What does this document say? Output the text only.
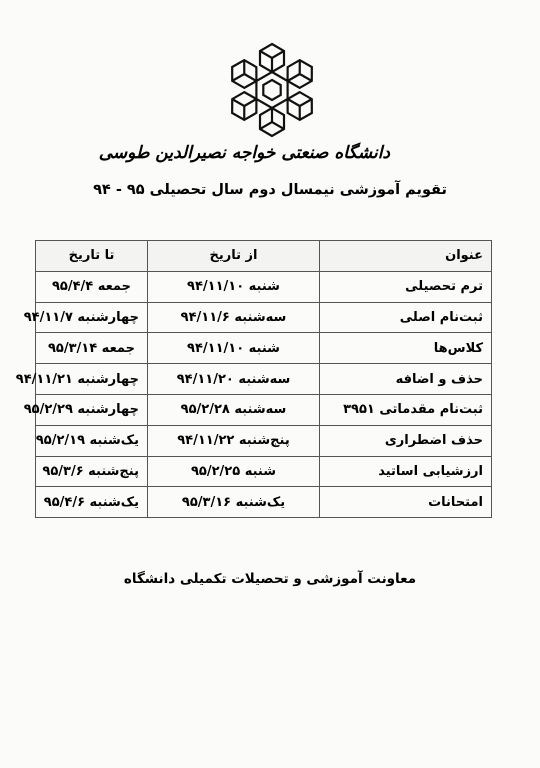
دانشگاه صنعتی خواجه نصیرالدین طوسی
تقویم آموزشی نیمسال دوم سال تحصیلی ۹۵ - ۹۴
عنوان	از تاریخ	تا تاریخ
ترم تحصیلی	شنبه ۹۴/۱۱/۱۰	جمعه ۹۵/۴/۴
ثبت‌نام اصلی	سه‌شنبه ۹۴/۱۱/۶	چهارشنبه ۹۴/۱۱/۷
کلاس‌ها	شنبه ۹۴/۱۱/۱۰	جمعه ۹۵/۳/۱۴
حذف و اضافه	سه‌شنبه ۹۴/۱۱/۲۰	چهارشنبه ۹۴/۱۱/۲۱
ثبت‌نام مقدماتی ۳۹۵۱	سه‌شنبه ۹۵/۲/۲۸	چهارشنبه ۹۵/۲/۲۹
حذف اضطراری	پنج‌شنبه ۹۴/۱۱/۲۲	یک‌شنبه ۹۵/۲/۱۹
ارزشیابی اساتید	شنبه ۹۵/۲/۲۵	پنج‌شنبه ۹۵/۳/۶
امتحانات	یک‌شنبه ۹۵/۳/۱۶	یک‌شنبه ۹۵/۴/۶
معاونت آموزشی و تحصیلات تکمیلی دانشگاه
